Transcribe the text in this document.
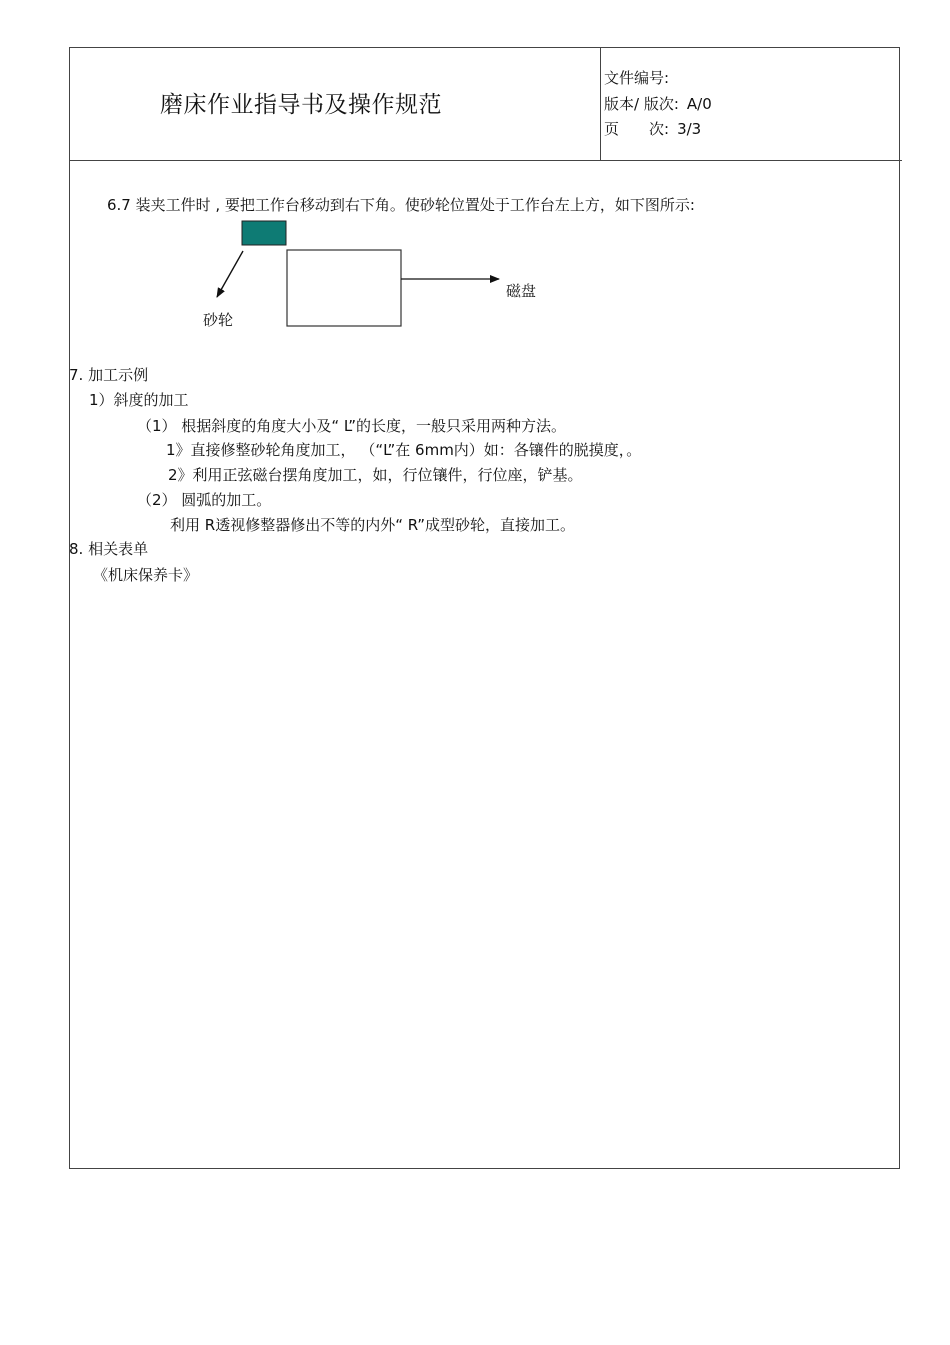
磨床作业指导书及操作规范
文件编号:
版本/ 版次: A/0
页　　次: 3/3
6.7 装夹工件时 , 要把工作台移动到右下角。使砂轮位置处于工作台左上方，如下图所示:
砂轮
磁盘
7. 加工示例
1）斜度的加工
（1） 根据斜度的角度大小及“ L”的长度，一般只采用两种方法。
1》直接修整砂轮角度加工， （“L”在 6mm内）如：各镶件的脱摸度，。
2》利用正弦磁台摆角度加工，如，行位镶件，行位座，铲基。
（2） 圆弧的加工。
利用 R透视修整器修出不等的内外“ R”成型砂轮，直接加工。
8. 相关表单
《机床保养卡》
